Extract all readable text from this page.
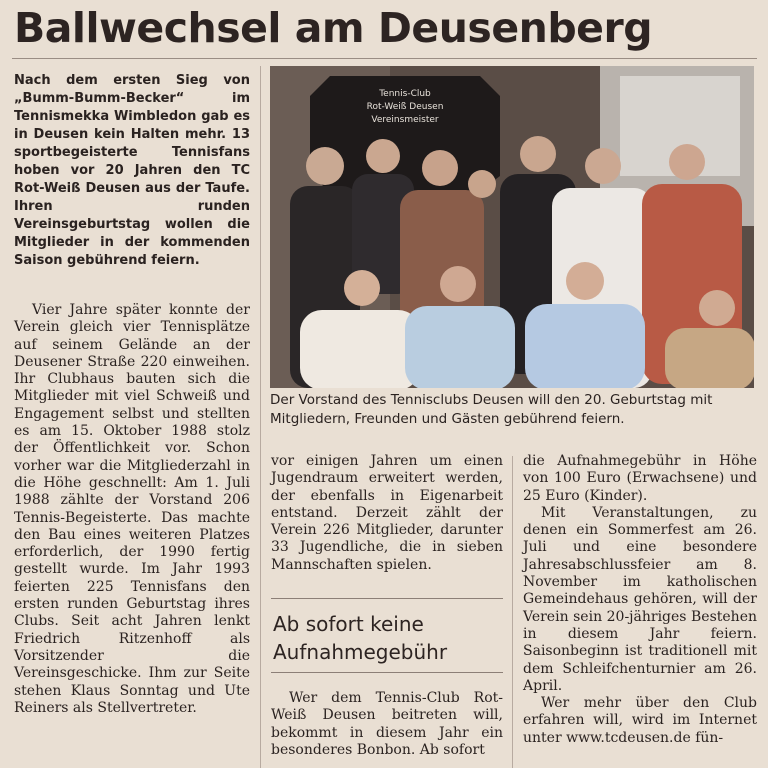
Ballwechsel am Deusenberg
Nach dem ersten Sieg von „Bumm-Bumm-Becker“ im Tennismekka Wimbledon gab es in Deusen kein Halten mehr. 13 sportbegeisterte Tennisfans hoben vor 20 Jahren den TC Rot-Weiß Deusen aus der Taufe. Ihren runden Vereinsgeburtstag wollen die Mitglieder in der kommenden Saison gebührend feiern.

Vier Jahre später konnte der Verein gleich vier Tennisplätze auf seinem Gelände an der Deusener Straße 220 einweihen. Ihr Clubhaus bauten sich die Mitglieder mit viel Schweiß und Engagement selbst und stellten es am 15. Oktober 1988 stolz der Öffentlichkeit vor. Schon vorher war die Mitgliederzahl in die Höhe geschnellt: Am 1. Juli 1988 zählte der Vorstand 206 Tennis-Begeisterte. Das machte den Bau eines weiteren Platzes erforderlich, der 1990 fertig gestellt wurde. Im Jahr 1993 feierten 225 Tennisfans den ersten runden Geburtstag ihres Clubs. Seit acht Jahren lenkt Friedrich Ritzenhoff als Vorsitzender die Vereinsgeschicke. Ihm zur Seite stehen Klaus Sonntag und Ute Reiners als Stellvertreter.

Tennis-Club
Rot-Weiß Deusen
Vereinsmeister
Der Vorstand des Tennisclubs Deusen will den 20. Geburtstag mit Mitgliedern, Freunden und Gästen gebührend feiern.

vor einigen Jahren um einen Jugendraum erweitert werden, der ebenfalls in Eigenarbeit entstand. Derzeit zählt der Verein 226 Mitglieder, darunter 33 Jugendliche, die in sieben Mannschaften spielen.

Ab sofort keine Aufnahmegebühr

Wer dem Tennis-Club Rot-Weiß Deusen beitreten will, bekommt in diesem Jahr ein besonderes Bonbon. Ab sofort

die Aufnahmegebühr in Höhe von 100 Euro (Erwachsene) und 25 Euro (Kinder).

Mit Veranstaltungen, zu denen ein Sommerfest am 26. Juli und eine besondere Jahresabschlussfeier am 8. November im katholischen Gemeindehaus gehören, will der Verein sein 20-jähriges Bestehen in diesem Jahr feiern. Saisonbeginn ist traditionell mit dem Schleifchenturnier am 26. April.

Wer mehr über den Club erfahren will, wird im Internet unter www.tcdeusen.de fün-
